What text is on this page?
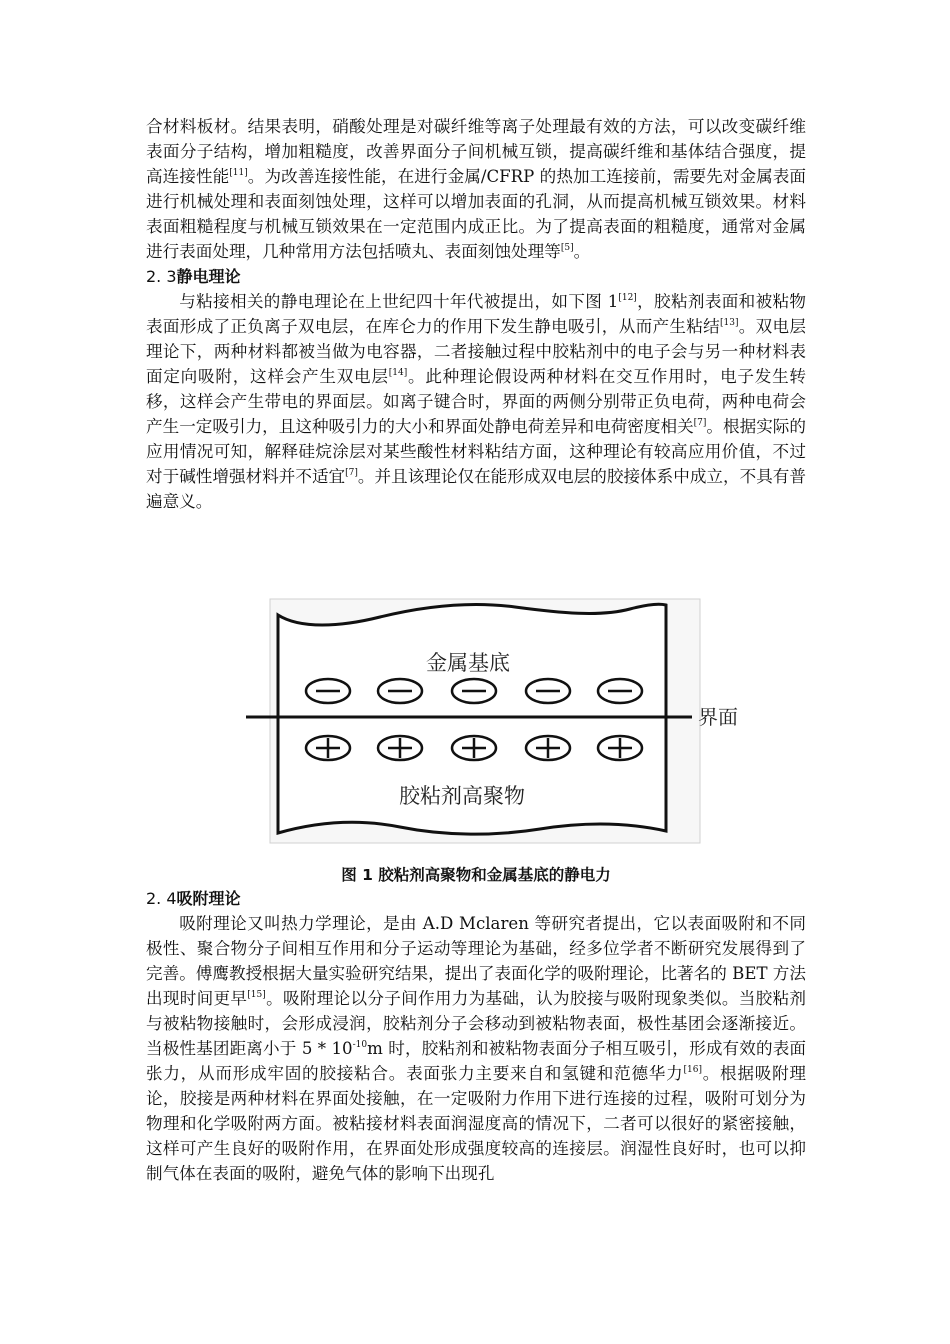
合材料板材。结果表明，硝酸处理是对碳纤维等离子处理最有效的方法，可以改变碳纤维表面分子结构，增加粗糙度，改善界面分子间机械互锁，提高碳纤维和基体结合强度，提高连接性能[11]。为改善连接性能，在进行金属/CFRP 的热加工连接前，需要先对金属表面进行机械处理和表面刻蚀处理，这样可以增加表面的孔洞，从而提高机械互锁效果。材料表面粗糙程度与机械互锁效果在一定范围内成正比。为了提高表面的粗糙度，通常对金属进行表面处理，几种常用方法包括喷丸、表面刻蚀处理等[5]。

2. 3静电理论

与粘接相关的静电理论在上世纪四十年代被提出，如下图 1[12]，胶粘剂表面和被粘物表面形成了正负离子双电层，在库仑力的作用下发生静电吸引，从而产生粘结[13]。双电层理论下，两种材料都被当做为电容器，二者接触过程中胶粘剂中的电子会与另一种材料表面定向吸附，这样会产生双电层[14]。此种理论假设两种材料在交互作用时，电子发生转移，这样会产生带电的界面层。如离子键合时，界面的两侧分别带正负电荷，两种电荷会产生一定吸引力，且这种吸引力的大小和界面处静电荷差异和电荷密度相关[7]。根据实际的应用情况可知，解释硅烷涂层对某些酸性材料粘结方面，这种理论有较高应用价值，不过对于碱性增强材料并不适宜[7]。并且该理论仅在能形成双电层的胶接体系中成立，不具有普遍意义。

金属基底
界面
胶粘剂高聚物
图 1 胶粘剂高聚物和金属基底的静电力

2. 4吸附理论

吸附理论又叫热力学理论，是由 A.D Mclaren 等研究者提出，它以表面吸附和不同极性、聚合物分子间相互作用和分子运动等理论为基础，经多位学者不断研究发展得到了完善。傅鹰教授根据大量实验研究结果，提出了表面化学的吸附理论，比著名的 BET 方法出现时间更早[15]。吸附理论以分子间作用力为基础，认为胶接与吸附现象类似。当胶粘剂与被粘物接触时，会形成浸润，胶粘剂分子会移动到被粘物表面，极性基团会逐渐接近。当极性基团距离小于 $5 * 10^{-10}m$ 时，胶粘剂和被粘物表面分子相互吸引，形成有效的表面张力，从而形成牢固的胶接粘合。表面张力主要来自和氢键和范德华力[16]。根据吸附理论，胶接是两种材料在界面处接触，在一定吸附力作用下进行连接的过程，吸附可划分为物理和化学吸附两方面。被粘接材料表面润湿度高的情况下，二者可以很好的紧密接触，这样可产生良好的吸附作用，在界面处形成强度较高的连接层。润湿性良好时，也可以抑制气体在表面的吸附，避免气体的影响下出现孔
